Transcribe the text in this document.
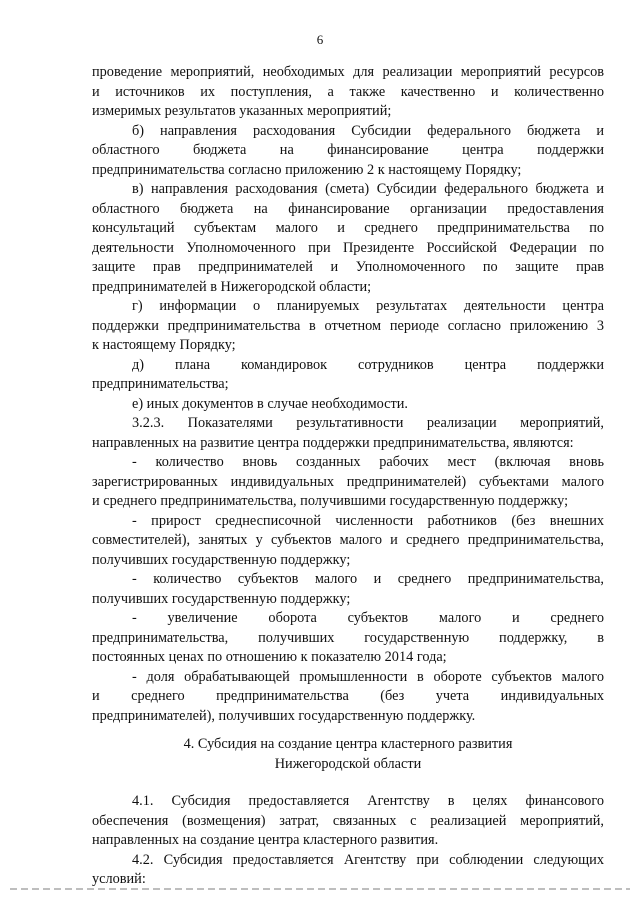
6
проведение мероприятий, необходимых для реализации мероприятий ресурсов
и источников их поступления, а также качественно и количественно
измеримых результатов указанных мероприятий;
б) направления расходования Субсидии федерального бюджета и
областного бюджета на финансирование центра поддержки
предпринимательства согласно приложению 2 к настоящему Порядку;
в) направления расходования (смета) Субсидии федерального бюджета и
областного бюджета на финансирование организации предоставления
консультаций субъектам малого и среднего предпринимательства по
деятельности Уполномоченного при Президенте Российской Федерации по
защите прав предпринимателей и Уполномоченного по защите прав
предпринимателей в Нижегородской области;
г) информации о планируемых результатах деятельности центра
поддержки предпринимательства в отчетном периоде согласно приложению 3
к настоящему Порядку;
д) плана командировок сотрудников центра поддержки
предпринимательства;
е) иных документов в случае необходимости.
3.2.3. Показателями результативности реализации мероприятий,
направленных на развитие центра поддержки предпринимательства, являются:
- количество вновь созданных рабочих мест (включая вновь
зарегистрированных индивидуальных предпринимателей) субъектами малого
и среднего предпринимательства, получившими государственную поддержку;
- прирост среднесписочной численности работников (без внешних
совместителей), занятых у субъектов малого и среднего предпринимательства,
получивших государственную поддержку;
- количество субъектов малого и среднего предпринимательства,
получивших государственную поддержку;
- увеличение оборота субъектов малого и среднего
предпринимательства, получивших государственную поддержку, в
постоянных ценах по отношению к показателю 2014 года;
- доля обрабатывающей промышленности в обороте субъектов малого
и среднего предпринимательства (без учета индивидуальных
предпринимателей), получивших государственную поддержку.
4. Субсидия на создание центра кластерного развития
Нижегородской области
4.1. Субсидия предоставляется Агентству в целях финансового
обеспечения (возмещения) затрат, связанных с реализацией мероприятий,
направленных на создание центра кластерного развития.
4.2. Субсидия предоставляется Агентству при соблюдении следующих
условий:
